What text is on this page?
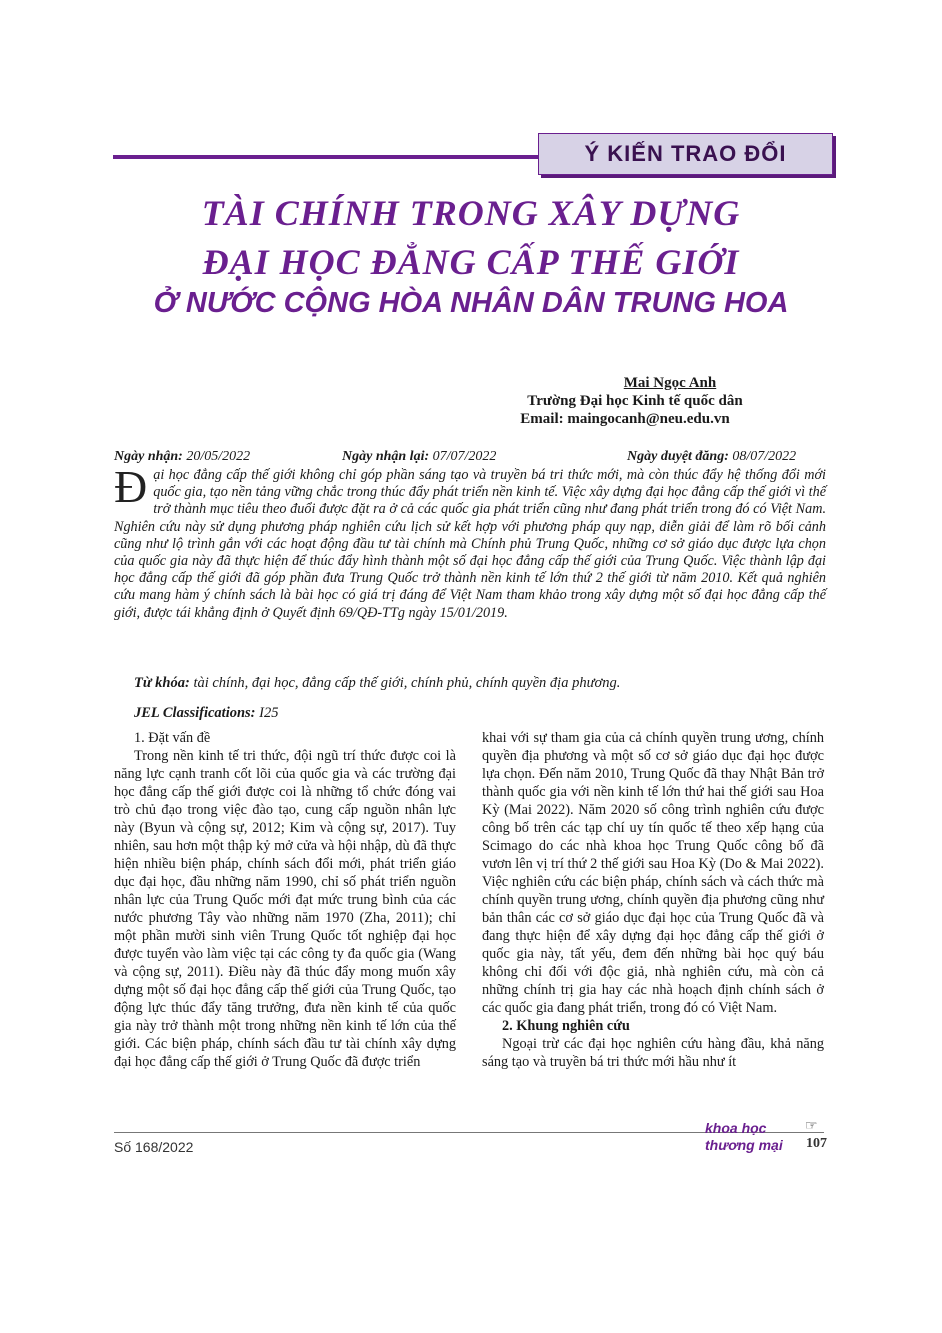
Ý KIẾN TRAO ĐỔI
TÀI CHÍNH TRONG XÂY DỰNG
ĐẠI HỌC ĐẲNG CẤP THẾ GIỚI
Ở NƯỚC CỘNG HÒA NHÂN DÂN TRUNG HOA
Mai Ngọc Anh
Trường Đại học Kinh tế quốc dân
Email: maingocanh@neu.edu.vn
Ngày nhận: 20/05/2022	Ngày nhận lại: 07/07/2022	Ngày duyệt đăng: 08/07/2022

Đ ại học đẳng cấp thế giới không chỉ góp phần sáng tạo và truyền bá tri thức mới, mà còn thúc đẩy hệ thống đổi mới quốc gia, tạo nền tảng vững chắc trong thúc đẩy phát triển nền kinh tế. Việc xây dựng đại học đẳng cấp thế giới vì thế trở thành mục tiêu theo đuổi được đặt ra ở cả các quốc gia phát triển cũng như đang phát triển trong đó có Việt Nam. Nghiên cứu này sử dụng phương pháp nghiên cứu lịch sử kết hợp với phương pháp quy nạp, diễn giải để làm rõ bối cảnh cũng như lộ trình gắn với các hoạt động đầu tư tài chính mà Chính phủ Trung Quốc, những cơ sở giáo dục được lựa chọn của quốc gia này đã thực hiện để thúc đẩy hình thành một số đại học đẳng cấp thế giới của Trung Quốc. Việc thành lập đại học đẳng cấp thế giới đã góp phần đưa Trung Quốc trở thành nền kinh tế lớn thứ 2 thế giới từ năm 2010. Kết quả nghiên cứu mang hàm ý chính sách là bài học có giá trị đáng để Việt Nam tham khảo trong xây dựng một số đại học đẳng cấp thế giới, được tái khẳng định ở Quyết định 69/QĐ-TTg ngày 15/01/2019.

Từ khóa: tài chính, đại học, đẳng cấp thế giới, chính phủ, chính quyền địa phương.
JEL Classifications: I25
1. Đặt vấn đề

Trong nền kinh tế tri thức, đội ngũ trí thức được coi là năng lực cạnh tranh cốt lõi của quốc gia và các trường đại học đẳng cấp thế giới được coi là những tổ chức đóng vai trò chủ đạo trong việc đào tạo, cung cấp nguồn nhân lực này (Byun và cộng sự, 2012; Kim và cộng sự, 2017). Tuy nhiên, sau hơn một thập kỷ mở cửa và hội nhập, dù đã thực hiện nhiều biện pháp, chính sách đổi mới, phát triển giáo dục đại học, đầu những năm 1990, chỉ số phát triển nguồn nhân lực của Trung Quốc mới đạt mức trung bình của các nước phương Tây vào những năm 1970 (Zha, 2011); chỉ một phần mười sinh viên Trung Quốc tốt nghiệp đại học được tuyển vào làm việc tại các công ty đa quốc gia (Wang và cộng sự, 2011). Điều này đã thúc đẩy mong muốn xây dựng một số đại học đẳng cấp thế giới của Trung Quốc, tạo động lực thúc đẩy tăng trưởng, đưa nền kinh tế của quốc gia này trở thành một trong những nền kinh tế lớn của thế giới. Các biện pháp, chính sách đầu tư tài chính xây dựng đại học đẳng cấp thế giới ở Trung Quốc đã được triển

khai với sự tham gia của cả chính quyền trung ương, chính quyền địa phương và một số cơ sở giáo dục đại học được lựa chọn. Đến năm 2010, Trung Quốc đã thay Nhật Bản trở thành quốc gia với nền kinh tế lớn thứ hai thế giới sau Hoa Kỳ (Mai 2022). Năm 2020 số công trình nghiên cứu được công bố trên các tạp chí uy tín quốc tế theo xếp hạng của Scimago do các nhà khoa học Trung Quốc công bố đã vươn lên vị trí thứ 2 thế giới sau Hoa Kỳ (Do & Mai 2022). Việc nghiên cứu các biện pháp, chính sách và cách thức mà chính quyền trung ương, chính quyền địa phương cũng như bản thân các cơ sở giáo dục đại học của Trung Quốc đã và đang thực hiện để xây dựng đại học đẳng cấp thế giới ở quốc gia này, tất yếu, đem đến những bài học quý báu không chỉ đối với độc giả, nhà nghiên cứu, mà còn cả những chính trị gia hay các nhà hoạch định chính sách ở các quốc gia đang phát triển, trong đó có Việt Nam.

2. Khung nghiên cứu

Ngoại trừ các đại học nghiên cứu hàng đầu, khả năng sáng tạo và truyền bá tri thức mới hầu như ít

Số 168/2022
khoa học
thương mại
☞
107
